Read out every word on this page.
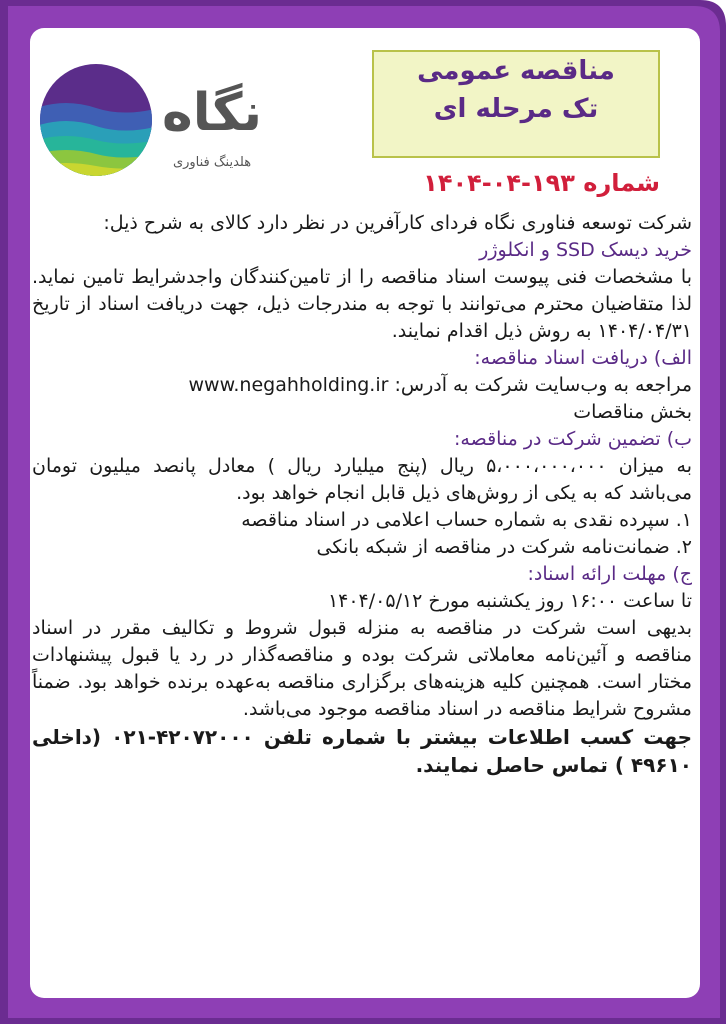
نگاه
هلدینگ فناوری
مناقصه عمومی
تک مرحله ای
شماره ۱۹۳-۰۴-۱۴۰۴

شرکت توسعه فناوری نگاه فردای کارآفرین در نظر دارد کالای به شرح ذیل:

خرید دیسک SSD و انکلوژر

با مشخصات فنی پیوست اسناد مناقصه را از تامین‌کنندگان واجدشرایط تامین نماید. لذا متقاضیان محترم می‌توانند با توجه به مندرجات ذیل، جهت دریافت اسناد از تاریخ ۱۴۰۴/۰۴/۳۱ به روش ذیل اقدام نمایند.

الف) دریافت اسناد مناقصه:

مراجعه به وب‌سایت شرکت به آدرس: www.negahholding.ir

بخش مناقصات

ب) تضمین شرکت در مناقصه:

به میزان ۵،۰۰۰،۰۰۰،۰۰۰ ریال (پنج میلیارد ریال ) معادل پانصد میلیون تومان می‌باشد که به یکی از روش‌های ذیل قابل انجام خواهد بود.

۱. سپرده نقدی به شماره حساب اعلامی در اسناد مناقصه

۲. ضمانت‌نامه شرکت در مناقصه از شبکه بانکی

ج) مهلت ارائه اسناد:

تا ساعت ۱۶:۰۰ روز یکشنبه مورخ ۱۴۰۴/۰۵/۱۲

بدیهی است شرکت در مناقصه به منزله قبول شروط و تکالیف مقرر در اسناد مناقصه و آئین‌نامه معاملاتی شرکت بوده و مناقصه‌گذار در رد یا قبول پیشنهادات مختار است. همچنین کلیه هزینه‌های برگزاری مناقصه به‌عهده برنده خواهد بود. ضمناً مشروح شرایط مناقصه در اسناد مناقصه موجود می‌باشد.

جهت کسب اطلاعات بیشتر با شماره تلفن ۴۲۰۷۲۰۰۰-۰۲۱ (داخلی ۴۹۶۱۰ ) تماس حاصل نمایند.
